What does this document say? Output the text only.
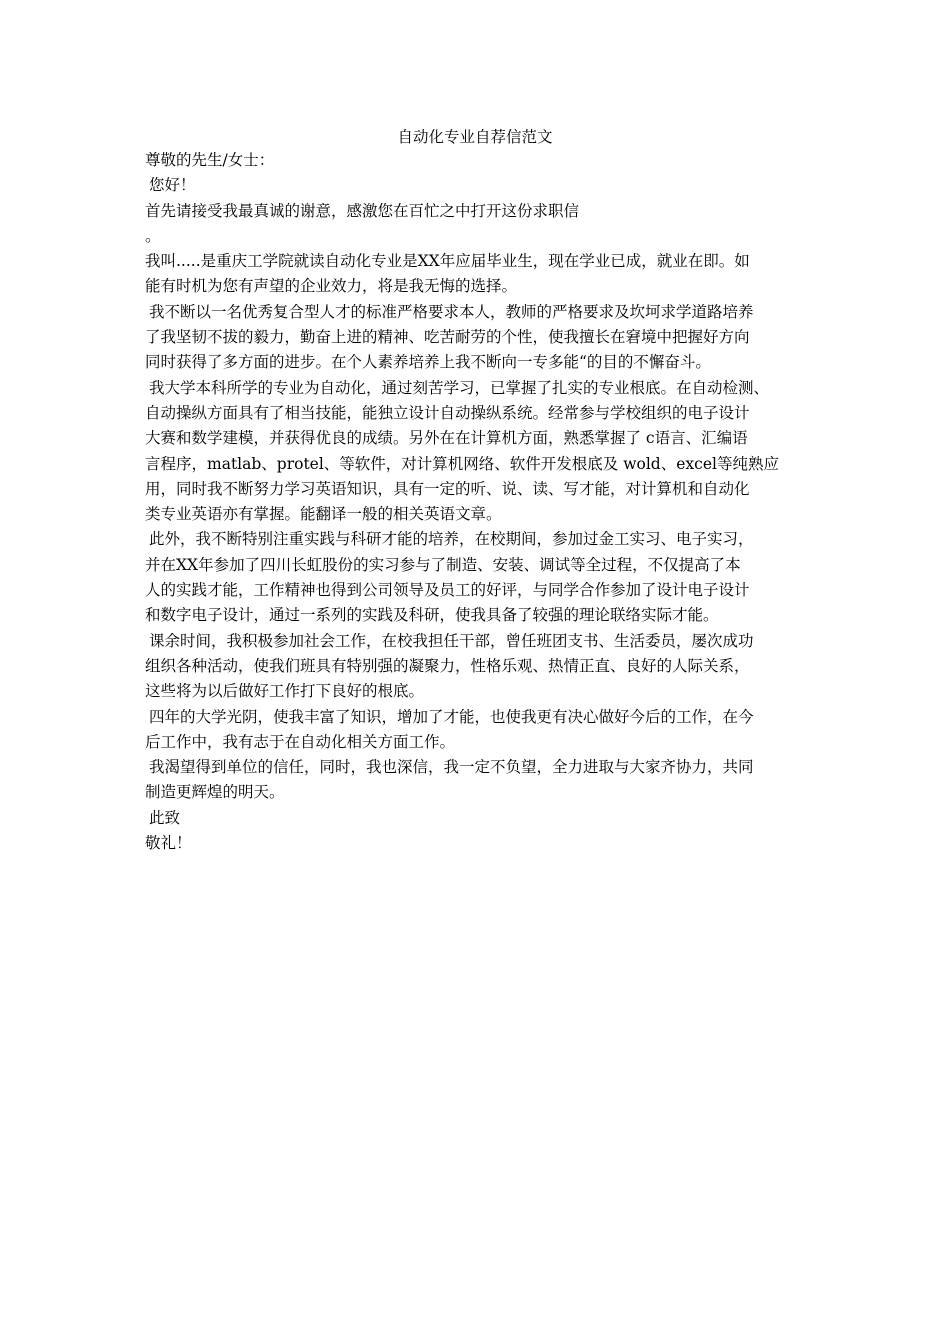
自动化专业自荐信范文

尊敬的先生/女士：

您好！

首先请接受我最真诚的谢意，感激您在百忙之中打开这份求职信

。

我叫.....是重庆工学院就读自动化专业是XX年应届毕业生，现在学业已成，就业在即。如

能有时机为您有声望的企业效力，将是我无悔的选择。

我不断以一名优秀复合型人才的标准严格要求本人，教师的严格要求及坎坷求学道路培养

了我坚韧不拔的毅力，勤奋上进的精神、吃苦耐劳的个性，使我擅长在窘境中把握好方向

同时获得了多方面的进步。在个人素养培养上我不断向一专多能“的目的不懈奋斗。

我大学本科所学的专业为自动化，通过刻苦学习，已掌握了扎实的专业根底。在自动检测、

自动操纵方面具有了相当技能，能独立设计自动操纵系统。经常参与学校组织的电子设计

大赛和数学建模，并获得优良的成绩。另外在在计算机方面，熟悉掌握了 c语言、汇编语

言程序，matlab、protel、等软件，对计算机网络、软件开发根底及 wold、excel等纯熟应

用，同时我不断努力学习英语知识，具有一定的听、说、读、写才能，对计算机和自动化

类专业英语亦有掌握。能翻译一般的相关英语文章。

此外，我不断特别注重实践与科研才能的培养，在校期间，参加过金工实习、电子实习，

并在XX年参加了四川长虹股份的实习参与了制造、安装、调试等全过程，不仅提高了本

人的实践才能，工作精神也得到公司领导及员工的好评，与同学合作参加了设计电子设计

和数字电子设计，通过一系列的实践及科研，使我具备了较强的理论联络实际才能。

课余时间，我积极参加社会工作，在校我担任干部，曾任班团支书、生活委员，屡次成功

组织各种活动，使我们班具有特别强的凝聚力，性格乐观、热情正直、良好的人际关系，

这些将为以后做好工作打下良好的根底。

四年的大学光阴，使我丰富了知识，增加了才能，也使我更有决心做好今后的工作，在今

后工作中，我有志于在自动化相关方面工作。

我渴望得到单位的信任，同时，我也深信，我一定不负望，全力进取与大家齐协力，共同

制造更辉煌的明天。

此致

敬礼！
